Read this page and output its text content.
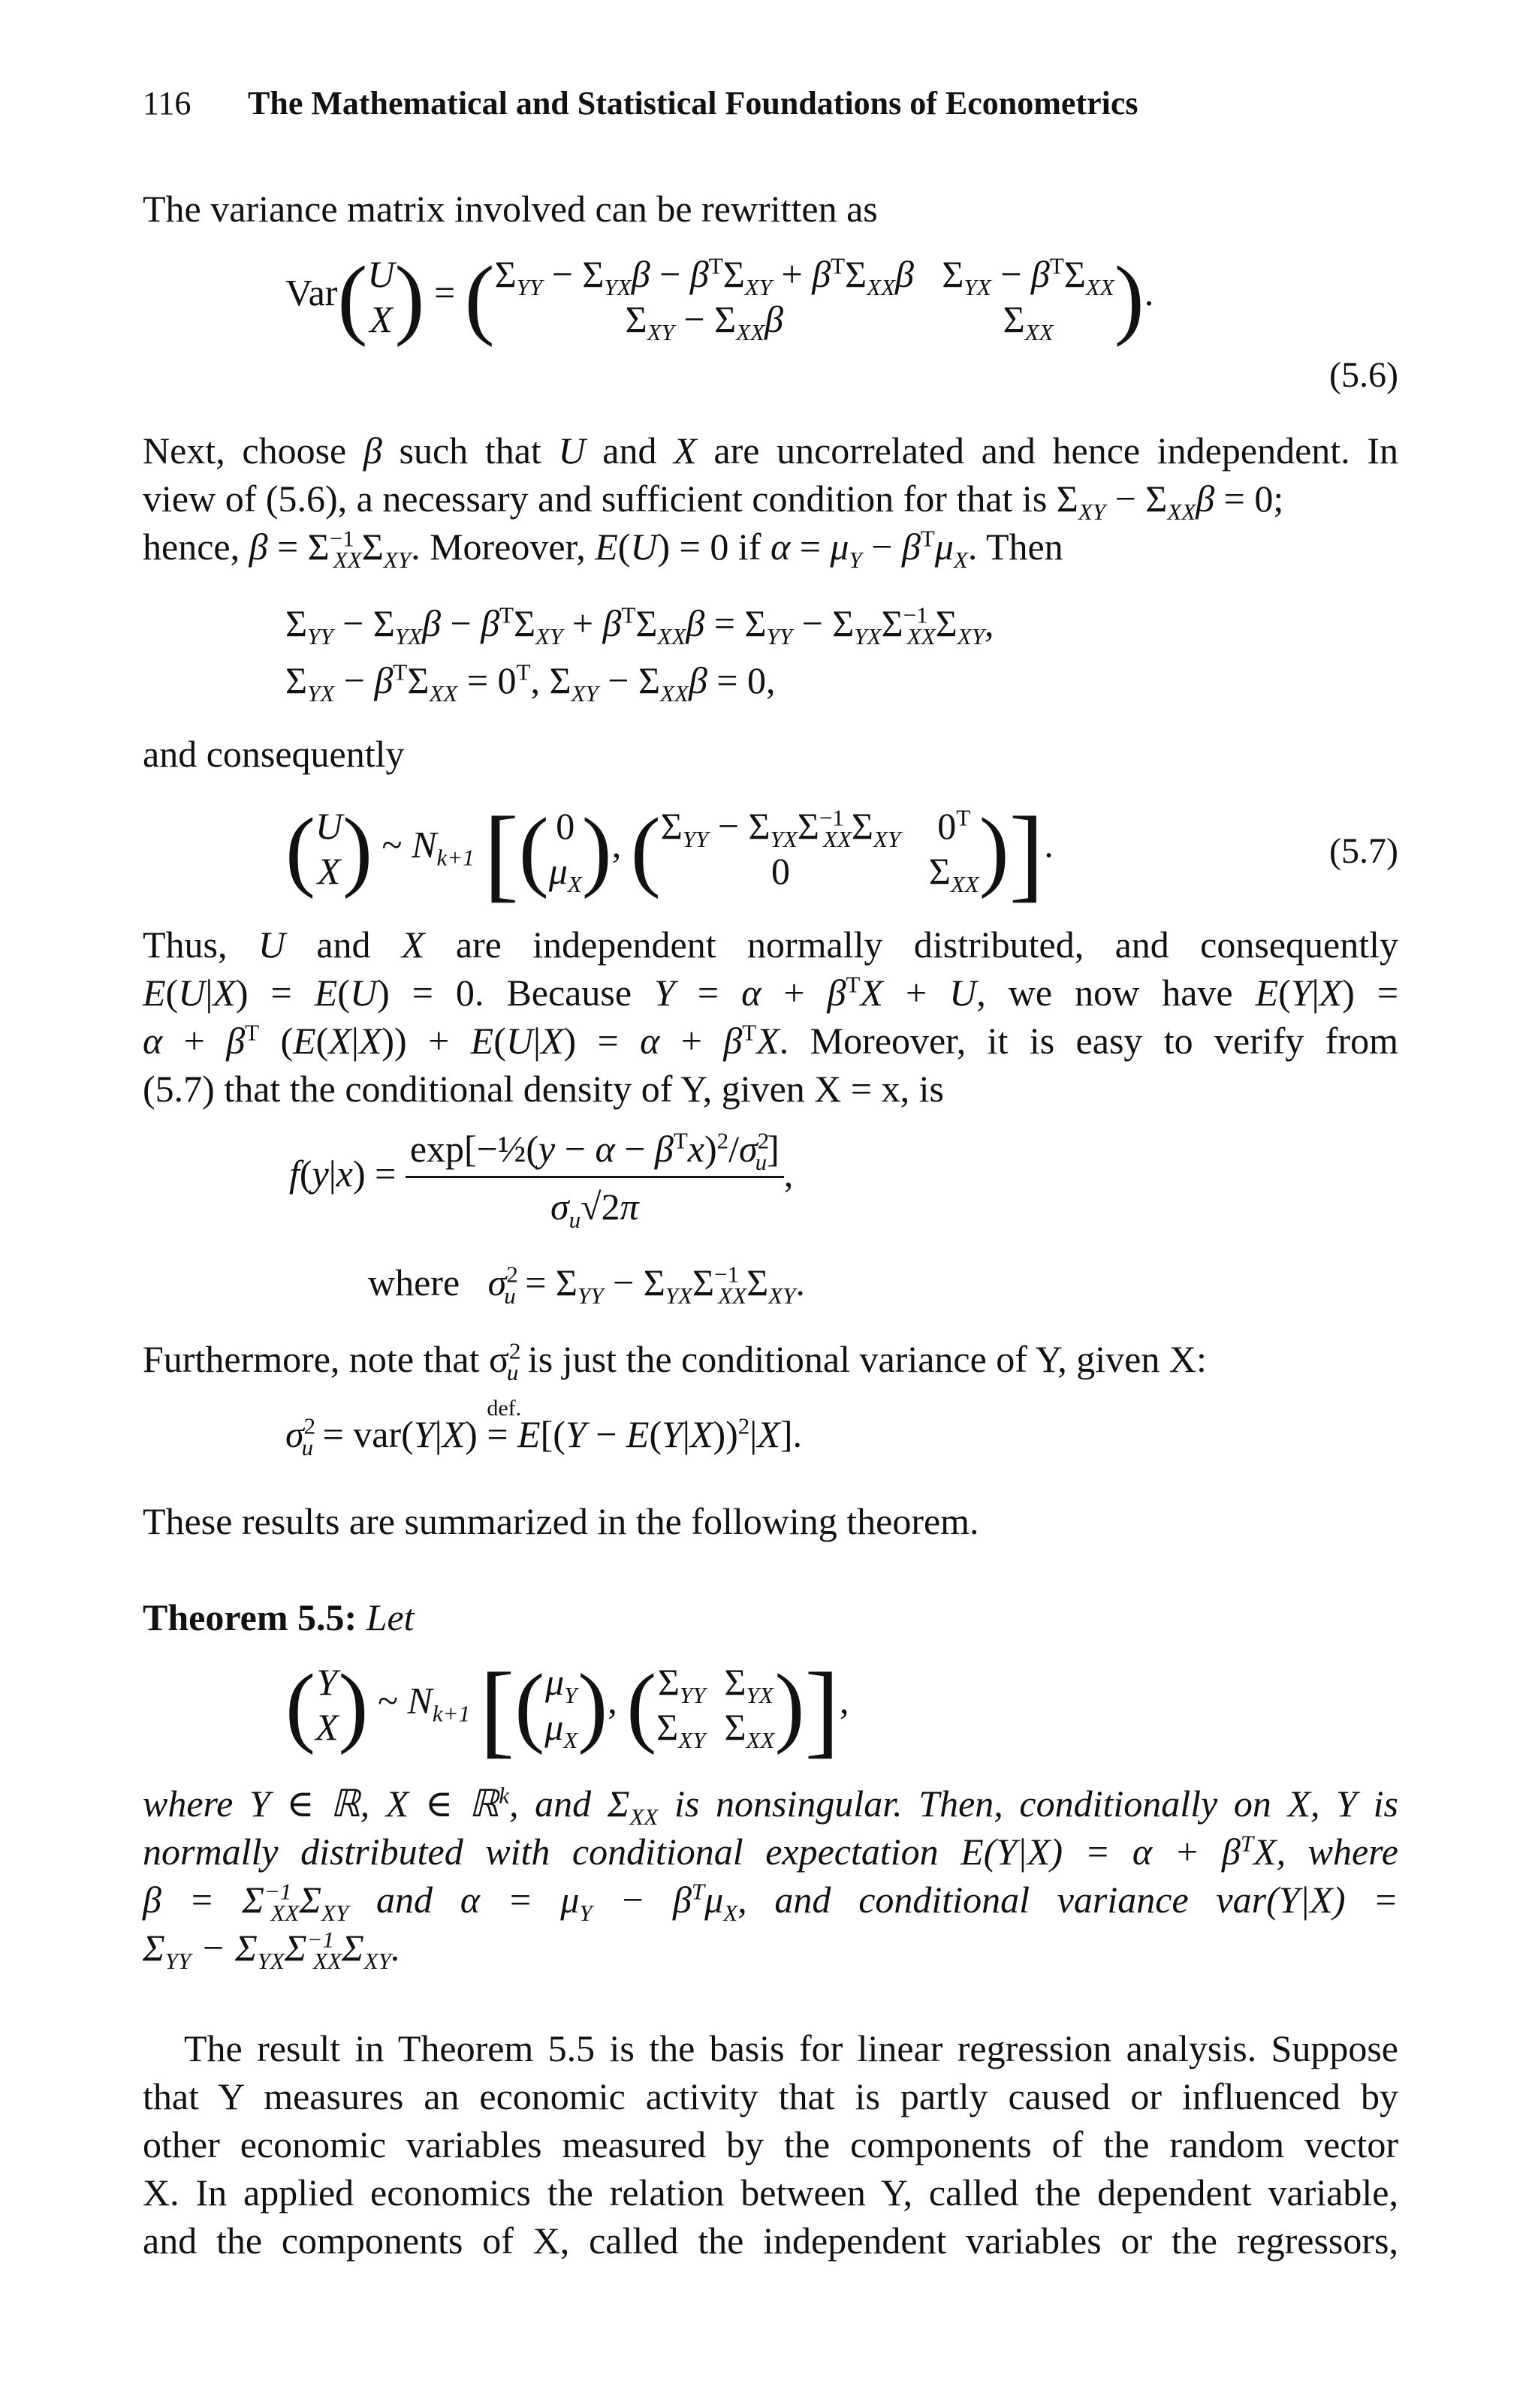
116 The Mathematical and Statistical Foundations of Econometrics
The variance matrix involved can be rewritten as
Var( U
X ) = ( $\Sigma_{YY} - \Sigma_{YX}\beta - \beta^T\Sigma_{XY} + \beta^T\Sigma_{XX}\beta$
$\Sigma_{XY} - \Sigma_{XX}\beta$

$\Sigma_{YX} - \beta^T\Sigma_{XX}$
$\Sigma_{XX}$ ).
(5.6)
Next, choose β such that U and X are uncorrelated and hence independent. In
view of (5.6), a necessary and sufficient condition for that is $\Sigma_{XY} - \Sigma_{XX}\beta = 0$;
hence, $\beta = \Sigma^{-1}_{XX}\Sigma_{XY}$. Moreover, E(U) = 0 if $\alpha = \mu_Y - \beta^T\mu_X$. Then
$\Sigma_{YY} - \Sigma_{YX}\beta - \beta^T\Sigma_{XY} + \beta^T\Sigma_{XX}\beta = \Sigma_{YY} - \Sigma_{YX}\Sigma^{-1}_{XX}\Sigma_{XY}$,
$\Sigma_{YX} - \beta^T\Sigma_{XX} = 0^T$, $\Sigma_{XY} - \Sigma_{XX}\beta = 0$,
and consequently
( U
X ) ~ $N_{k+1}$ [( 0
$\mu_X$ ), ( $\Sigma_{YY} - \Sigma_{YX}\Sigma^{-1}_{XX}\Sigma_{XY}$
0

$0^T$
$\Sigma_{XX}$ )].	(5.7)
Thus, U and X are independent normally distributed, and consequently
E(U|X) = E(U) = 0. Because $Y = \alpha + \beta^TX + U$, we now have E(Y|X) =
$\alpha + \beta^T$ $(E(X|X)) + E(U|X) = \alpha + \beta^TX$. Moreover, it is easy to verify from
(5.7) that the conditional density of Y, given X = x, is
$f(y|x) = \frac{\exp[-\frac{1}{2}(y - \alpha - \beta^Tx)^2/\sigma^2_u]}{\sigma_u√2\pi}$ ,
where $\sigma^2_u = \Sigma_{YY} - \Sigma_{YX}\Sigma^{-1}_{XX}\Sigma_{XY}$.
Furthermore, note that $\sigma^2_u$ is just the conditional variance of Y, given X:
$\sigma^2_u = var(Y|X)$
def.
= $E[(Y - E(Y|X))^2|X]$.
These results are summarized in the following theorem.
Theorem 5.5: Let
( Y
X ) ~ $N_{k+1}$ [( $\mu_Y$
$\mu_X$ ), ( $\Sigma_{YY}$  $\Sigma_{YX}$
$\Sigma_{XY}$  $\Sigma_{XX}$ )],
where Y ∈ ℝ, X ∈ ℝ$^k$, and $\Sigma_{XX}$ is nonsingular. Then, conditionally on X, Y is
normally distributed with conditional expectation $E(Y|X) = \alpha + \beta^TX$, where
$\beta = \Sigma^{-1}_{XX}\Sigma_{XY}$ and $\alpha = \mu_Y - \beta^T\mu_X$, and conditional variance var(Y|X) =
$\Sigma_{YY} - \Sigma_{YX}\Sigma^{-1}_{XX}\Sigma_{XY}$.
The result in Theorem 5.5 is the basis for linear regression analysis. Suppose
that Y measures an economic activity that is partly caused or influenced by
other economic variables measured by the components of the random vector
X. In applied economics the relation between Y, called the dependent variable,
and the components of X, called the independent variables or the regressors,
